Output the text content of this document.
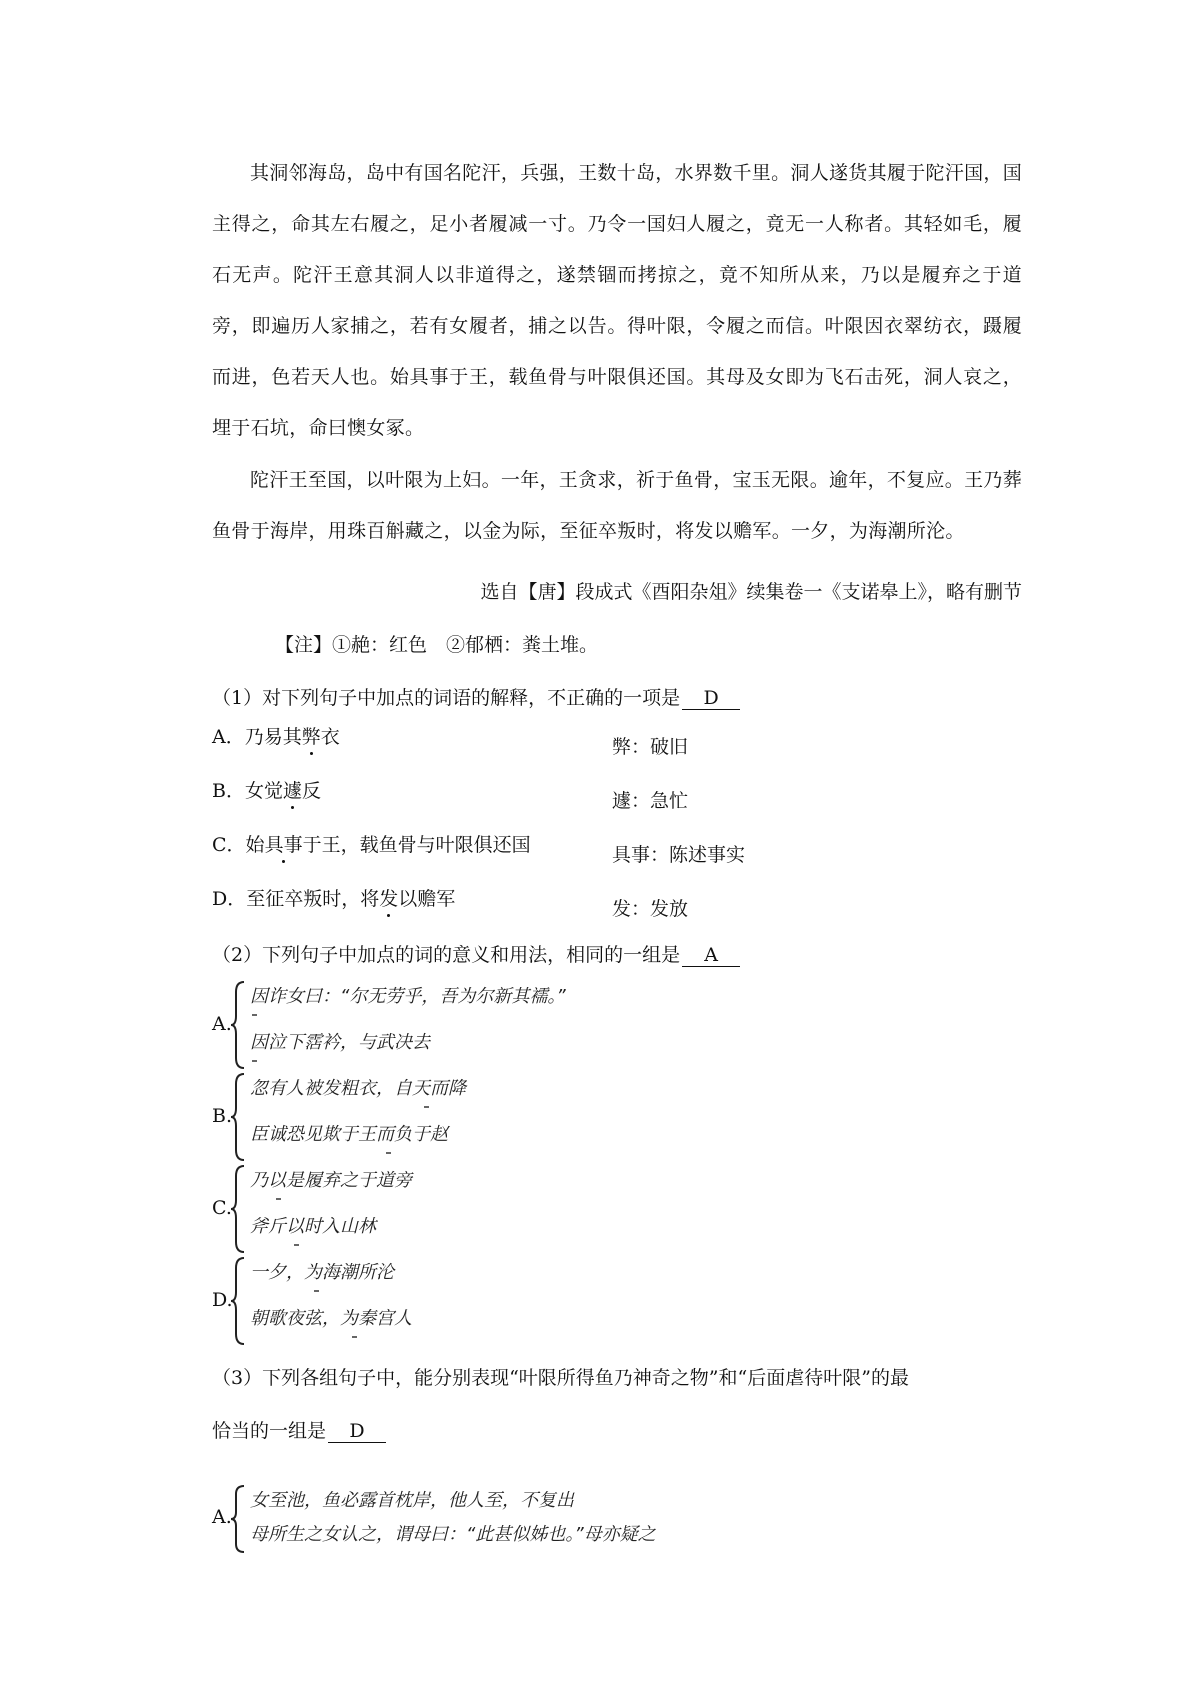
其洞邻海岛，岛中有国名陀汗，兵强，王数十岛，水界数千里。洞人遂货其履于陀汗国，国主得之，命其左右履之，足小者履减一寸。乃令一国妇人履之，竟无一人称者。其轻如毛，履石无声。陀汗王意其洞人以非道得之，遂禁锢而拷掠之，竟不知所从来，乃以是履弃之于道旁，即遍历人家捕之，若有女履者，捕之以告。得叶限，令履之而信。叶限因衣翠纺衣，蹑履而进，色若天人也。始具事于王，载鱼骨与叶限俱还国。其母及女即为飞石击死，洞人哀之，埋于石坑，命曰懊女冢。

陀汗王至国，以叶限为上妇。一年，王贪求，祈于鱼骨，宝玉无限。逾年，不复应。王乃葬鱼骨于海岸，用珠百斛藏之，以金为际，至征卒叛时，将发以赡军。一夕，为海潮所沦。

选自【唐】段成式《酉阳杂俎》续集卷一《支诺皋上》，略有删节
【注】①赩：红色　②郁栖：粪土堆。
（1）对下列句子中加点的词语的解释，不正确的一项是 D
A．乃易其弊衣	弊：破旧
B．女觉遽反	遽：急忙
C．始具事于王，载鱼骨与叶限俱还国	具事：陈述事实
D．至征卒叛时，将发以赡军	发：发放
（2）下列句子中加点的词的意义和用法，相同的一组是 A
A.
因诈女曰：“尔无劳乎，吾为尔新其襦。”
因泣下霑衿，与武决去
B.
忽有人被发粗衣，自天而降
臣诚恐见欺于王而负于赵
C.
乃以是履弃之于道旁
斧斤以时入山林
D.
一夕，为海潮所沦
朝歌夜弦，为秦宫人
（3）下列各组句子中，能分别表现“叶限所得鱼乃神奇之物”和“后面虐待叶限”的最
恰当的一组是 D
A.
女至池，鱼必露首枕岸，他人至，不复出
母所生之女认之，谓母曰：“此甚似姊也。”母亦疑之
